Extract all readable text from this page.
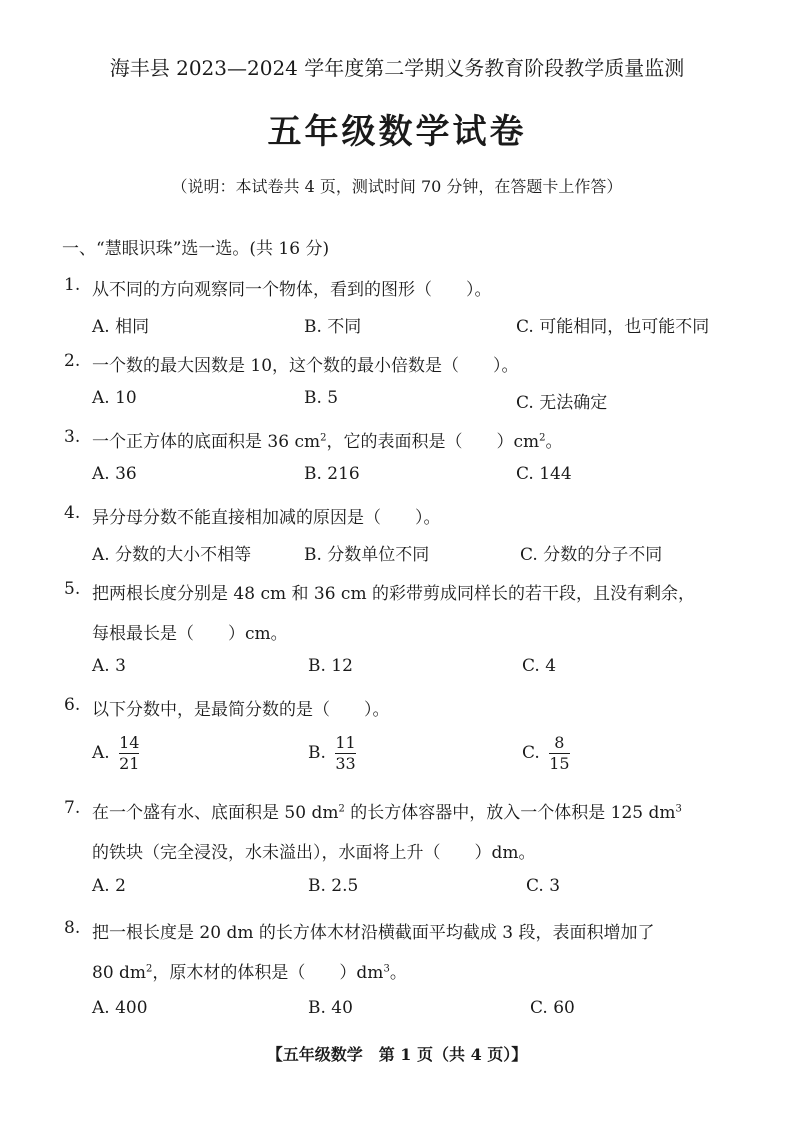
海丰县 2023—2024 学年度第二学期义务教育阶段教学质量监测
五年级数学试卷
（说明：本试卷共 4 页，测试时间 70 分钟，在答题卡上作答）
一、“慧眼识珠”选一选。(共 16 分)
1. 从不同的方向观察同一个物体，看到的图形（　　）。
A. 相同	B. 不同	C. 可能相同，也可能不同
2. 一个数的最大因数是 10，这个数的最小倍数是（　　）。
A. 10	B. 5	C. 无法确定
3. 一个正方体的底面积是 36 $cm^2$，它的表面积是（　　）$cm^2$。
A. 36	B. 216	C. 144
4. 异分母分数不能直接相加减的原因是（　　）。
A. 分数的大小不相等	B. 分数单位不同	C. 分数的分子不同
5. 把两根长度分别是 48 cm 和 36 cm 的彩带剪成同样长的若干段，且没有剩余，
每根最长是（　　）cm。
A. 3	B. 12	C. 4
6. 以下分数中，是最简分数的是（　　）。
A. $\frac{14}{21}$	B. $\frac{11}{33}$	C. $\frac{8}{15}$
7. 在一个盛有水、底面积是 50 $dm^2$ 的长方体容器中，放入一个体积是 125 $dm^3$
的铁块（完全浸没，水未溢出），水面将上升（　　）dm。
A. 2	B. 2.5	C. 3
8. 把一根长度是 20 dm 的长方体木材沿横截面平均截成 3 段，表面积增加了
80 $dm^2$，原木材的体积是（　　）$dm^3$。
A. 400	B. 40	C. 60
【五年级数学　第 1 页（共 4 页）】
